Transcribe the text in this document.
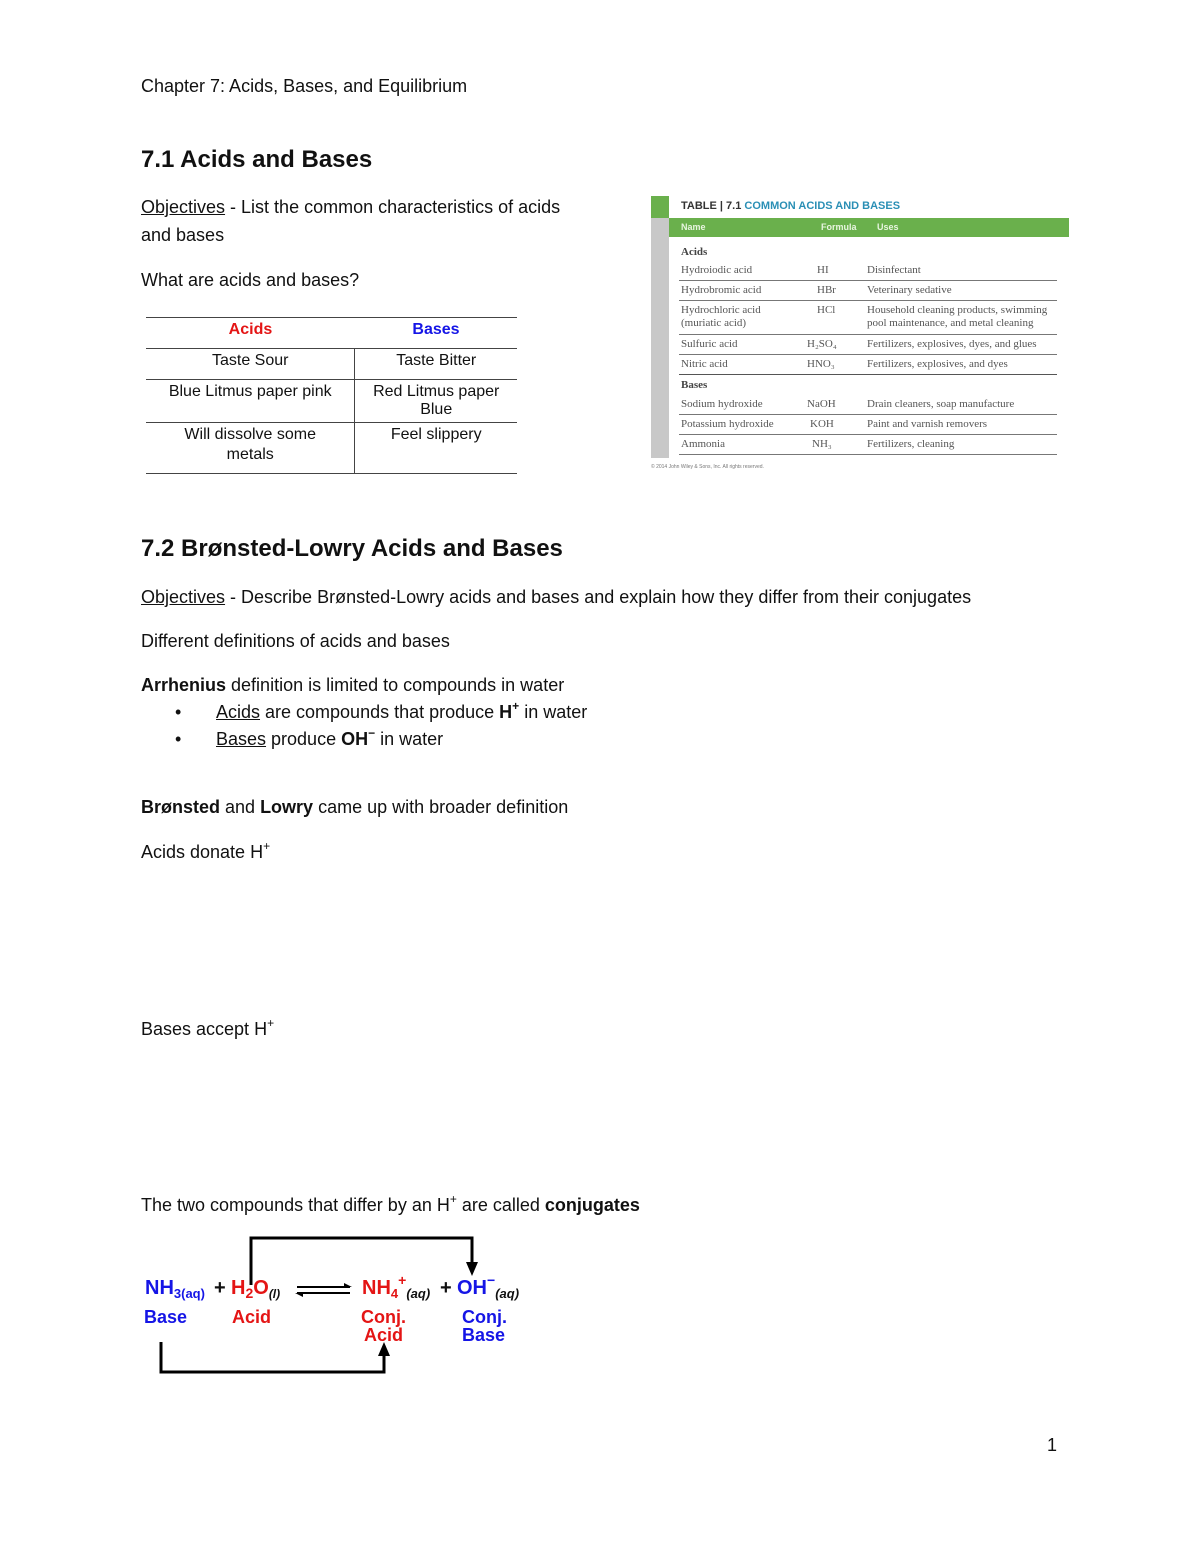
Chapter 7: Acids, Bases, and Equilibrium
7.1 Acids and Bases
Objectives - List the common characteristics of acids
and bases
What are acids and bases?
Acids	Bases
Taste Sour	Taste Bitter
Blue Litmus paper pink	Red Litmus paper Blue
Will dissolve some metals	Feel slippery
TABLE | 7.1 COMMON ACIDS AND BASES
Name	Formula Uses
Acids
Hydroiodic acid	HI	Disinfectant
Hydrobromic acid	HBr	Veterinary sedative
Hydrochloric acid	HCl	Household cleaning products, swimming
(muriatic acid)	pool maintenance, and metal cleaning
Sulfuric acid	H₂SO₄	Fertilizers, explosives, dyes, and glues
Nitric acid	HNO₃	Fertilizers, explosives, and dyes
Bases
Sodium hydroxide	NaOH	Drain cleaners, soap manufacture
Potassium hydroxide	KOH	Paint and varnish removers
Ammonia	NH₃	Fertilizers, cleaning
© 2014 John Wiley & Sons, Inc. All rights reserved.
7.2 Brønsted-Lowry Acids and Bases
Objectives - Describe Brønsted-Lowry acids and bases and explain how they differ from their conjugates
Different definitions of acids and bases
Arrhenius definition is limited to compounds in water
• Acids are compounds that produce H+ in water
• Bases produce OH− in water
Brønsted and Lowry came up with broader definition
Acids donate H+
Bases accept H+
The two compounds that differ by an H+ are called conjugates
$NH_{3(aq)} + H_2O_{(l)}$	$NH_4^+_{(aq)} + OH^-_{(aq)}$
Base Acid	Conj.
Acid
Conj.
Base
1
